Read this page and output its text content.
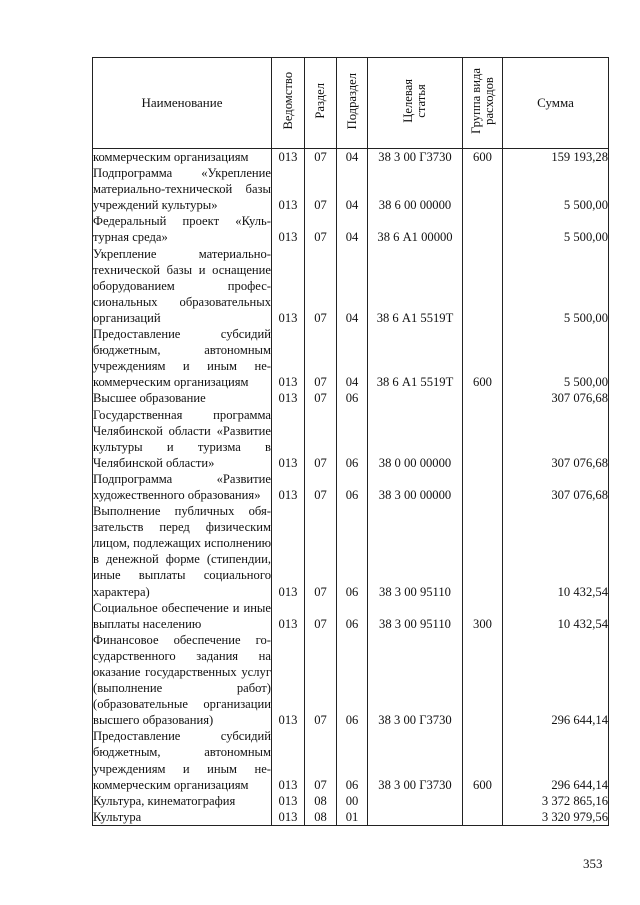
Наименование	Ведомство	Раздел	Подраздел	Целевая
статья	Группа вида
расходов	Сумма
коммерческим организациям	013	07	04	38 3 00 Г3730	600	159 193,28
Подпрограмма «Укрепление материально-технической базы учреждений культуры»	013	07	04	38 6 00 00000		5 500,00
Федеральный проект «Культурная среда»	013	07	04	38 6 А1 00000		5 500,00
Укрепление материально-технической базы и оснащение оборудованием профессиональных образовательных организаций	013	07	04	38 6 А1 5519Т		5 500,00
Предоставление субсидий бюджетным, автономным учреждениям и иным некоммерческим организациям	013	07	04	38 6 А1 5519Т	600	5 500,00
Высшее образование	013	07	06			307 076,68
Государственная программа Челябинской области «Развитие культуры и туризма в Челябинской области»	013	07	06	38 0 00 00000		307 076,68
Подпрограмма «Развитие художественного образования»	013	07	06	38 3 00 00000		307 076,68
Выполнение публичных обязательств перед физическим лицом, подлежащих исполнению в денежной форме (стипендии, иные выплаты социального характера)	013	07	06	38 3 00 95110		10 432,54
Социальное обеспечение и иные выплаты населению	013	07	06	38 3 00 95110	300	10 432,54
Финансовое обеспечение государственного задания на оказание государственных услуг (выполнение работ) (образовательные организации высшего образования)	013	07	06	38 3 00 Г3730		296 644,14
Предоставление субсидий бюджетным, автономным учреждениям и иным некоммерческим организациям	013	07	06	38 3 00 Г3730	600	296 644,14
Культура, кинематография	013	08	00			3 372 865,16
Культура	013	08	01			3 320 979,56
353
